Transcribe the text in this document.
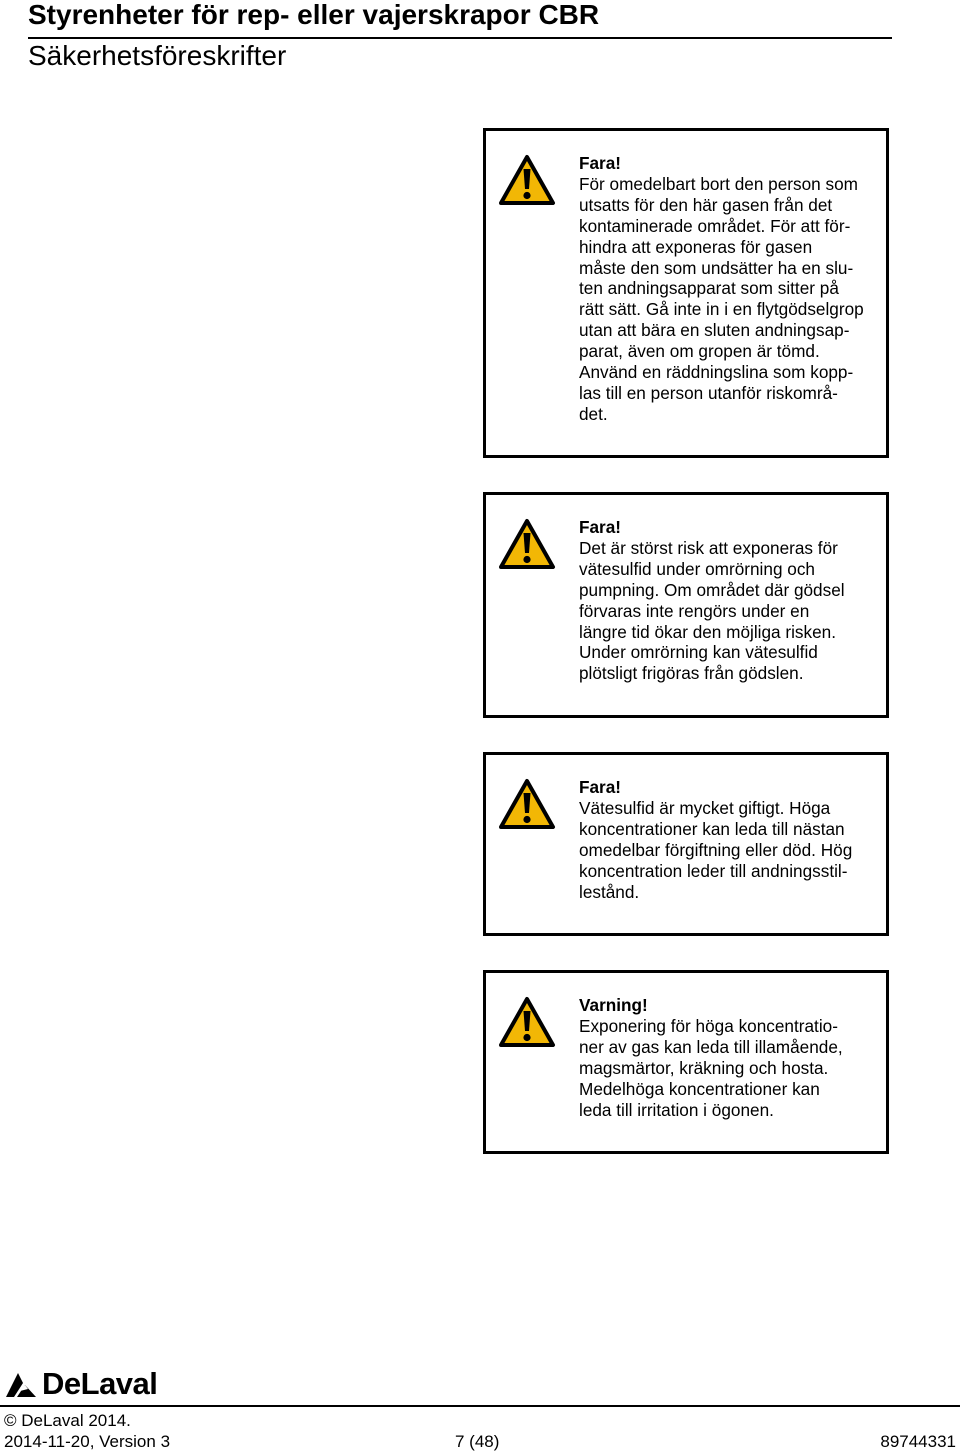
Styrenheter för rep- eller vajerskrapor CBR
Säkerhetsföreskrifter
Fara!
För omedelbart bort den person som
utsatts för den här gasen från det
kontaminerade området. För att för-
hindra att exponeras för gasen
måste den som undsätter ha en slu-
ten andningsapparat som sitter på
rätt sätt. Gå inte in i en flytgödselgrop
utan att bära en sluten andningsap-
parat, även om gropen är tömd.
Använd en räddningslina som kopp-
las till en person utanför riskområ-
det.
Fara!
Det är störst risk att exponeras för
vätesulfid under omrörning och
pumpning. Om området där gödsel
förvaras inte rengörs under en
längre tid ökar den möjliga risken.
Under omrörning kan vätesulfid
plötsligt frigöras från gödslen.
Fara!
Vätesulfid är mycket giftigt. Höga
koncentrationer kan leda till nästan
omedelbar förgiftning eller död. Hög
koncentration leder till andningsstil-
lestånd.
Varning!
Exponering för höga koncentratio-
ner av gas kan leda till illamående,
magsmärtor, kräkning och hosta.
Medelhöga koncentrationer kan
leda till irritation i ögonen.
DeLaval
© DeLaval 2014.
2014-11-20, Version 3	7 (48)	89744331
